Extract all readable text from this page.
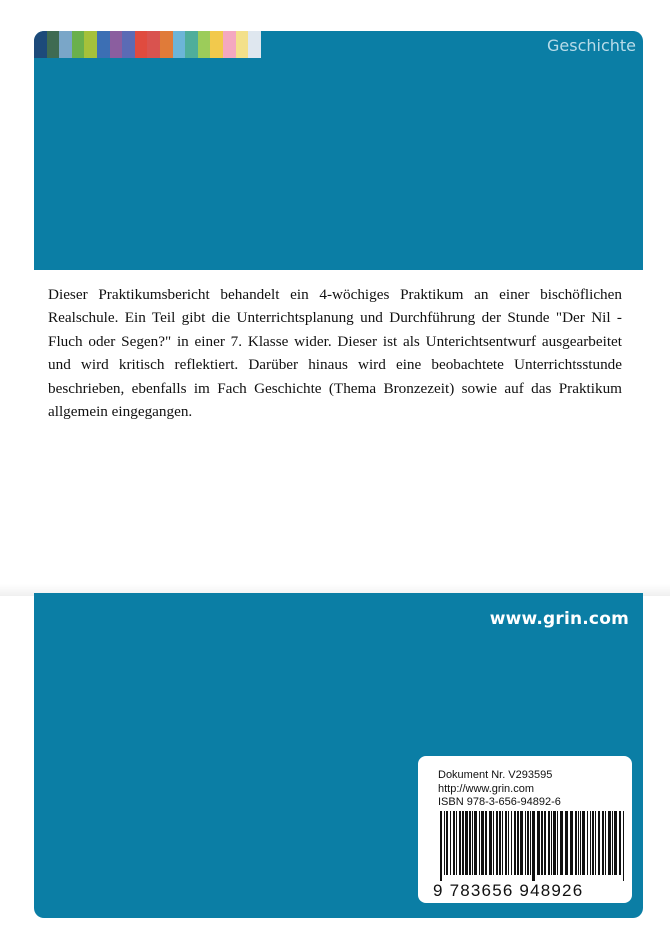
Geschichte

Dieser Praktikumsbericht behandelt ein 4-wöchiges Praktikum an einer bischöflichen Realschule. Ein Teil gibt die Unterrichtsplanung und Durchführung der Stunde "Der Nil - Fluch oder Segen?" in einer 7. Klasse wider. Dieser ist als Unterichtsentwurf ausgearbeitet und wird kritisch reflektiert. Darüber hinaus wird eine beobachtete Unterrichtsstunde beschrieben, ebenfalls im Fach Geschichte (Thema Bronzezeit) sowie auf das Praktikum allgemein eingegangen.

www.grin.com
Dokument Nr. V293595
http://www.grin.com
ISBN 978-3-656-94892-6
9 783656 948926
